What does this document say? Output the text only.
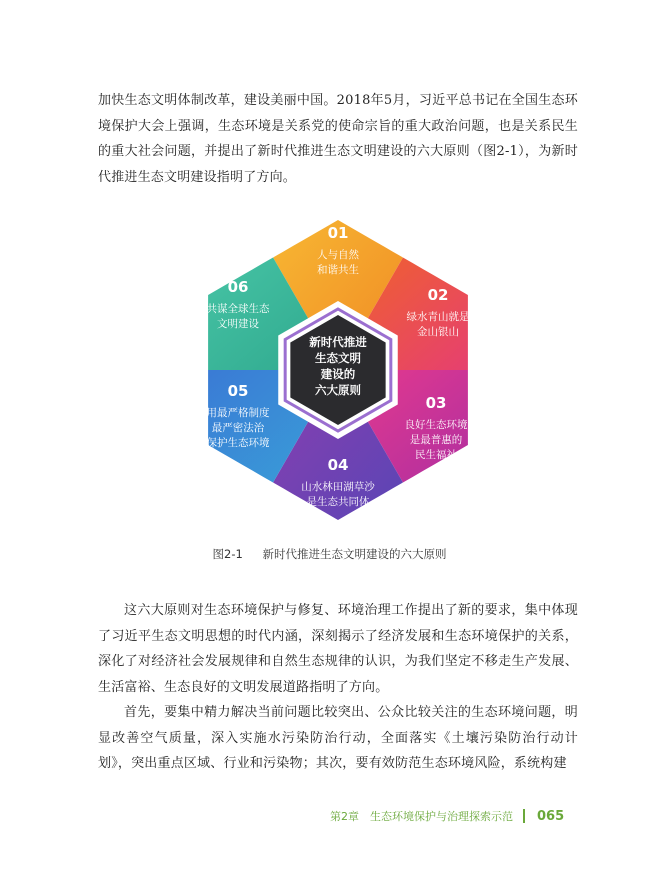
加快生态文明体制改革，建设美丽中国。2018年5月，习近平总书记在全国生态环境保护大会上强调，生态环境是关系党的使命宗旨的重大政治问题，也是关系民生的重大社会问题，并提出了新时代推进生态文明建设的六大原则（图2-1），为新时代推进生态文明建设指明了方向。

01
人与自然
和谐共生
02
绿水青山就是
金山银山
03
良好生态环境
是最普惠的
民生福祉
04
山水林田湖草沙
是生态共同体
05
用最严格制度
最严密法治
保护生态环境
06
共谋全球生态
文明建设
新时代推进
生态文明
建设的
六大原则
图2-1 新时代推进生态文明建设的六大原则

这六大原则对生态环境保护与修复、环境治理工作提出了新的要求，集中体现了习近平生态文明思想的时代内涵，深刻揭示了经济发展和生态环境保护的关系，深化了对经济社会发展规律和自然生态规律的认识，为我们坚定不移走生产发展、生活富裕、生态良好的文明发展道路指明了方向。

首先，要集中精力解决当前问题比较突出、公众比较关注的生态环境问题，明显改善空气质量，深入实施水污染防治行动，全面落实《土壤污染防治行动计划》，突出重点区域、行业和污染物；其次，要有效防范生态环境风险，系统构建

第2章　生态环境保护与治理探索示范 065
